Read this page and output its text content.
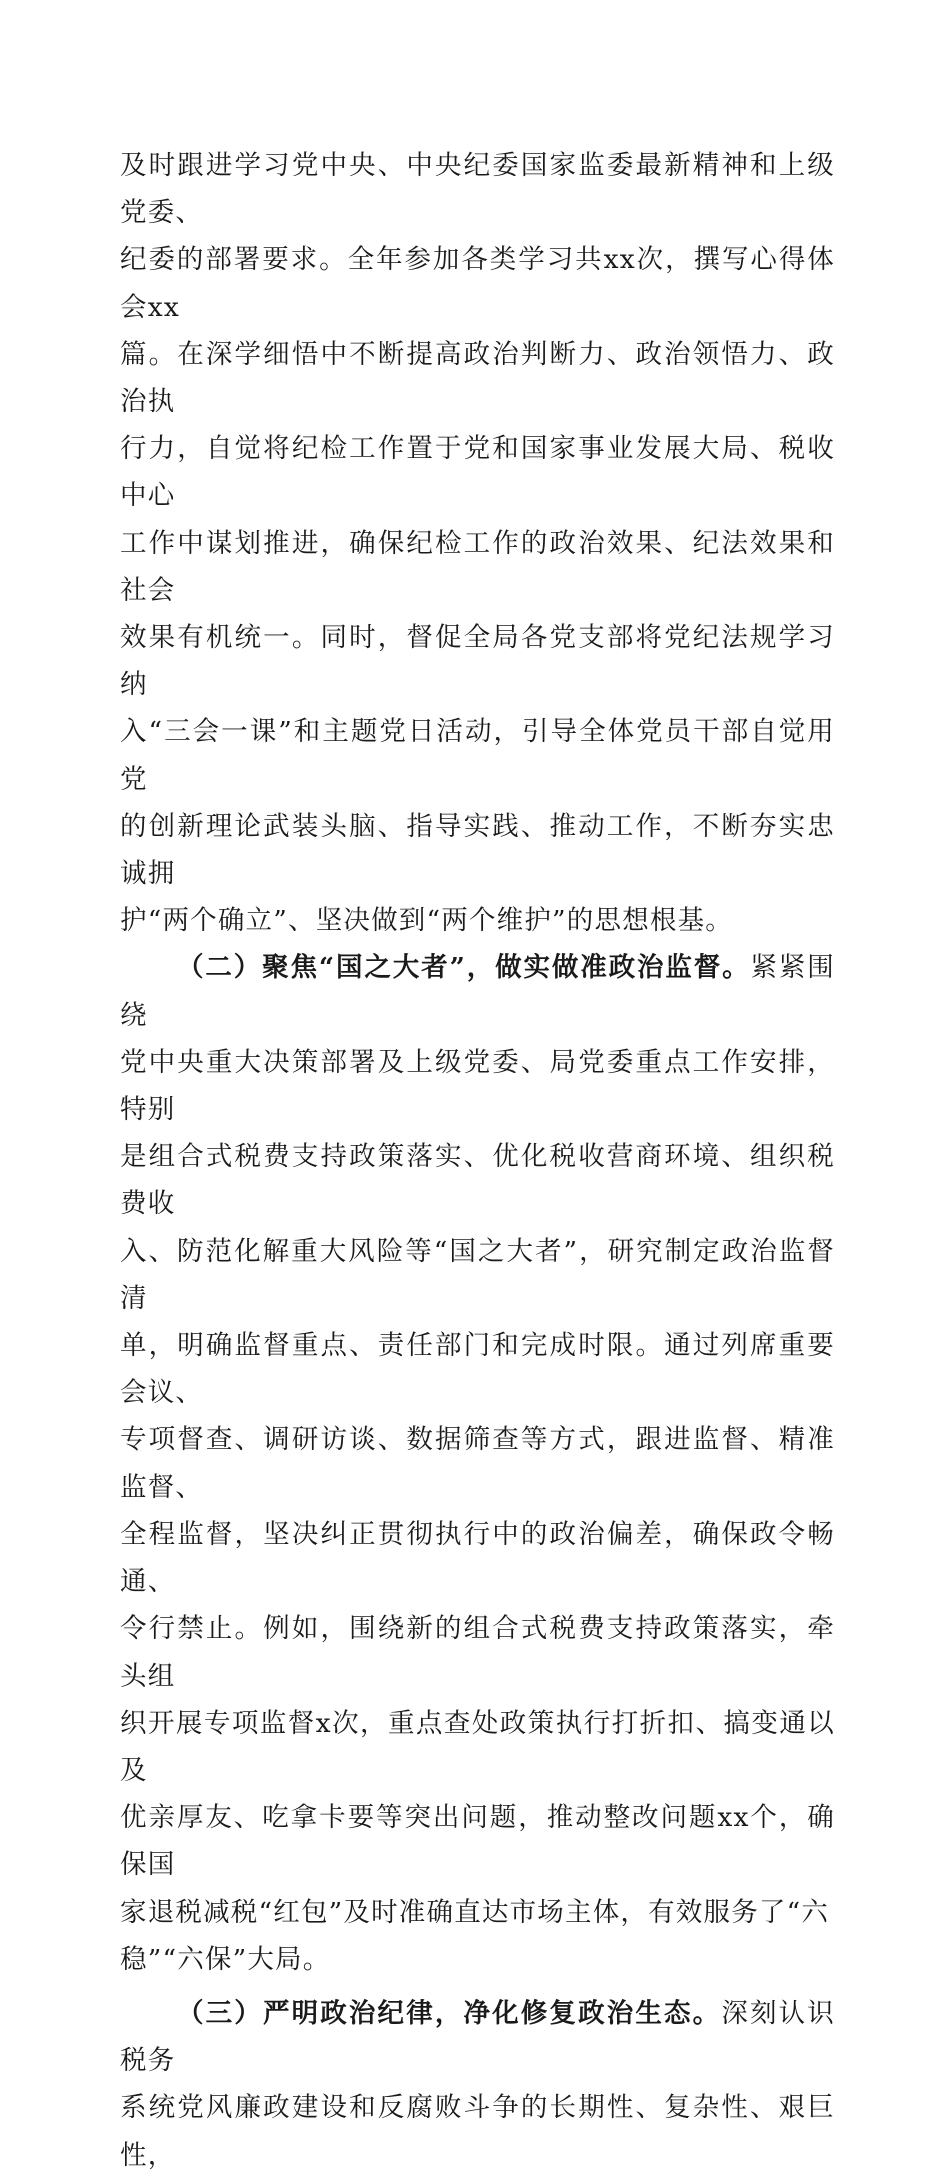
及时跟进学习党中央、中央纪委国家监委最新精神和上级党委、
纪委的部署要求。全年参加各类学习共xx次，撰写心得体会xx
篇。在深学细悟中不断提高政治判断力、政治领悟力、政治执
行力，自觉将纪检工作置于党和国家事业发展大局、税收中心
工作中谋划推进，确保纪检工作的政治效果、纪法效果和社会
效果有机统一。同时，督促全局各党支部将党纪法规学习纳
入“三会一课”和主题党日活动，引导全体党员干部自觉用党
的创新理论武装头脑、指导实践、推动工作，不断夯实忠诚拥
护“两个确立”、坚决做到“两个维护”的思想根基。
（二）聚焦“国之大者”，做实做准政治监督。紧紧围绕
党中央重大决策部署及上级党委、局党委重点工作安排，特别
是组合式税费支持政策落实、优化税收营商环境、组织税费收
入、防范化解重大风险等“国之大者”，研究制定政治监督清
单，明确监督重点、责任部门和完成时限。通过列席重要会议、
专项督查、调研访谈、数据筛查等方式，跟进监督、精准监督、
全程监督，坚决纠正贯彻执行中的政治偏差，确保政令畅通、
令行禁止。例如，围绕新的组合式税费支持政策落实，牵头组
织开展专项监督x次，重点查处政策执行打折扣、搞变通以及
优亲厚友、吃拿卡要等突出问题，推动整改问题xx个，确保国
家退税减税“红包”及时准确直达市场主体，有效服务了“六
稳”“六保”大局。
（三）严明政治纪律，净化修复政治生态。深刻认识税务
系统党风廉政建设和反腐败斗争的长期性、复杂性、艰巨性，
